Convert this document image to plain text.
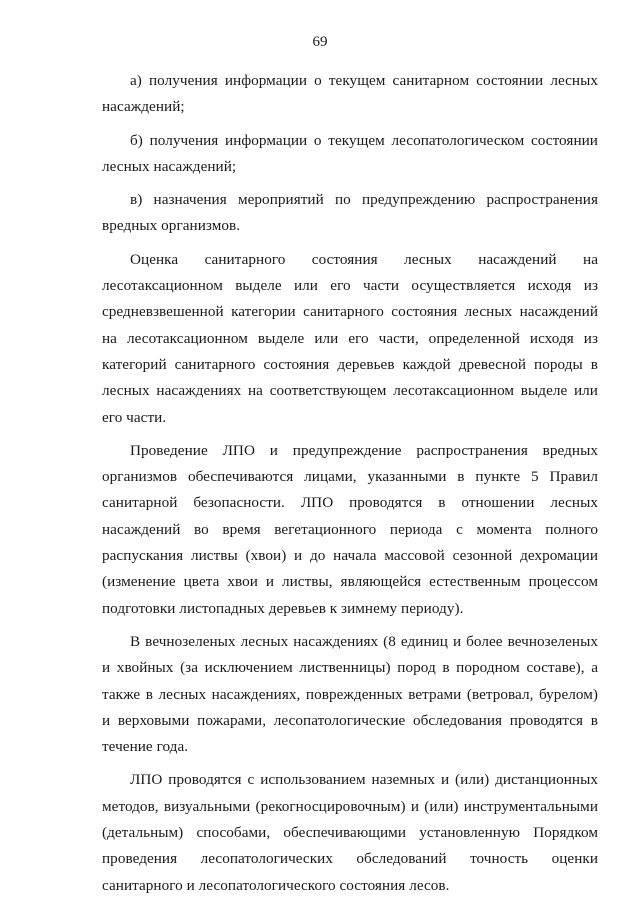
69

а) получения информации о текущем санитарном состоянии лесных насаждений;

б) получения информации о текущем лесопатологическом состоянии лесных насаждений;

в) назначения мероприятий по предупреждению распространения вредных организмов.

Оценка санитарного состояния лесных насаждений на лесотаксационном выделе или его части осуществляется исходя из средневзвешенной категории санитарного состояния лесных насаждений на лесотаксационном выделе или его части, определенной исходя из категорий санитарного состояния деревьев каждой древесной породы в лесных насаждениях на соответствующем лесотаксационном выделе или его части.

Проведение ЛПО и предупреждение распространения вредных организмов обеспечиваются лицами, указанными в пункте 5 Правил санитарной безопасности. ЛПО проводятся в отношении лесных насаждений во время вегетационного периода с момента полного распускания листвы (хвои) и до начала массовой сезонной дехромации (изменение цвета хвои и листвы, являющейся естественным процессом подготовки листопадных деревьев к зимнему периоду).

В вечнозеленых лесных насаждениях (8 единиц и более вечнозеленых и хвойных (за исключением лиственницы) пород в породном составе), а также в лесных насаждениях, поврежденных ветрами (ветровал, бурелом) и верховыми пожарами, лесопатологические обследования проводятся в течение года.

ЛПО проводятся с использованием наземных и (или) дистанционных методов, визуальными (рекогносцировочным) и (или) инструментальными (детальным) способами, обеспечивающими установленную Порядком проведения лесопатологических обследований точность оценки санитарного и лесопатологического состояния лесов.
